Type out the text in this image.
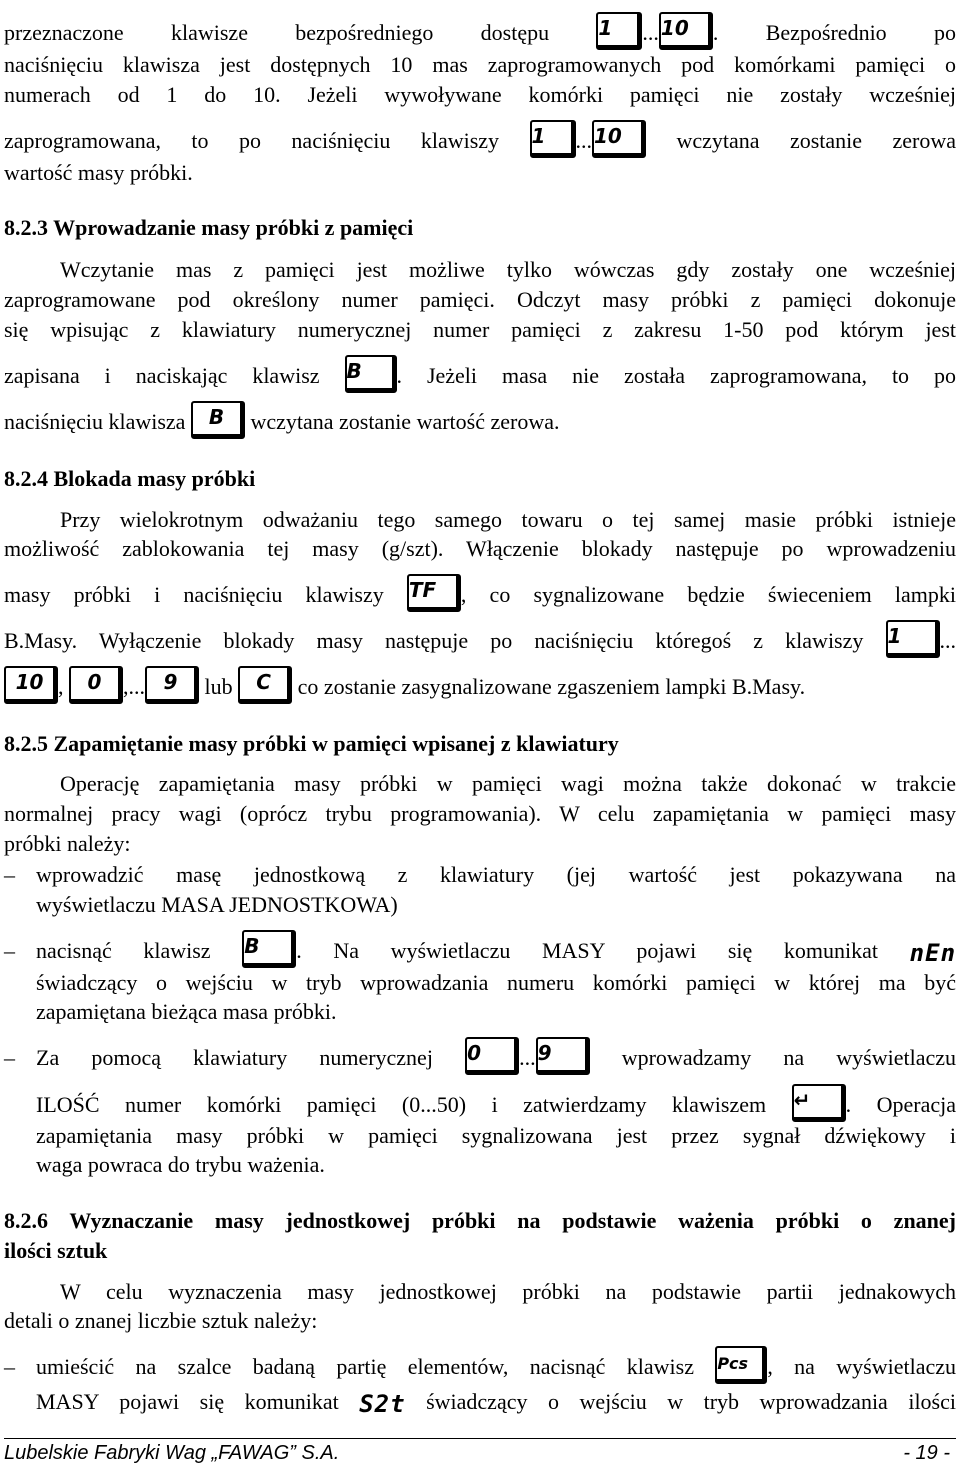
przeznaczone klawisze bezpośredniego dostępu 1 ... 10 . Bezpośrednio po
naciśnięciu klawisza jest dostępnych 10 mas zaprogramowanych pod komórkami pamięci o
numerach od 1 do 10. Jeżeli wywoływane komórki pamięci nie zostały wcześniej
zaprogramowana, to po naciśnięciu klawiszy 1 ... 10 wczytana zostanie zerowa
wartość masy próbki.
8.2.3 Wprowadzanie masy próbki z pamięci
Wczytanie mas z pamięci jest możliwe tylko wówczas gdy zostały one wcześniej
zaprogramowane pod określony numer pamięci. Odczyt masy próbki z pamięci dokonuje
się wpisując z klawiatury numerycznej numer pamięci z zakresu 1-50 pod którym jest
zapisana i naciskając klawisz B . Jeżeli masa nie została zaprogramowana, to po
naciśnięciu klawisza B wczytana zostanie wartość zerowa.
8.2.4 Blokada masy próbki
Przy wielokrotnym odważaniu tego samego towaru o tej samej masie próbki istnieje
możliwość zablokowania tej masy (g/szt). Włączenie blokady następuje po wprowadzeniu
masy próbki i naciśnięciu klawiszy TF , co sygnalizowane będzie świeceniem lampki
B.Masy. Wyłączenie blokady masy następuje po naciśnięciu któregoś z klawiszy 1 ...
10 , 0 ,... 9 lub C co zostanie zasygnalizowane zgaszeniem lampki B.Masy.
8.2.5 Zapamiętanie masy próbki w pamięci wpisanej z klawiatury
Operację zapamiętania masy próbki w pamięci wagi można także dokonać w trakcie
normalnej pracy wagi (oprócz trybu programowania). W celu zapamiętania w pamięci masy
próbki należy:
– wprowadzić masę jednostkową z klawiatury (jej wartość jest pokazywana na
wyświetlaczu MASA JEDNOSTKOWA)
– nacisnąć klawisz B . Na wyświetlaczu MASY pojawi się komunikat nEn
świadczący o wejściu w tryb wprowadzania numeru komórki pamięci w której ma być
zapamiętana bieżąca masa próbki.
– Za pomocą klawiatury numerycznej 0 ... 9	wprowadzamy na wyświetlaczu
ILOŚĆ numer komórki pamięci (0...50) i zatwierdzamy klawiszem ↵ . Operacja
zapamiętania masy próbki w pamięci sygnalizowana jest przez sygnał dźwiękowy i
waga powraca do trybu ważenia.
8.2.6 Wyznaczanie masy jednostkowej próbki na podstawie ważenia próbki o znanej
ilości sztuk
W celu wyznaczenia masy jednostkowej próbki na podstawie partii jednakowych
detali o znanej liczbie sztuk należy:
– umieścić na szalce badaną partię elementów, nacisnąć klawisz Pcs , na wyświetlaczu
MASY pojawi się komunikat S2t świadczący o wejściu w tryb wprowadzania ilości
Lubelskie Fabryki Wag „FAWAG” S.A.	- 19 -
